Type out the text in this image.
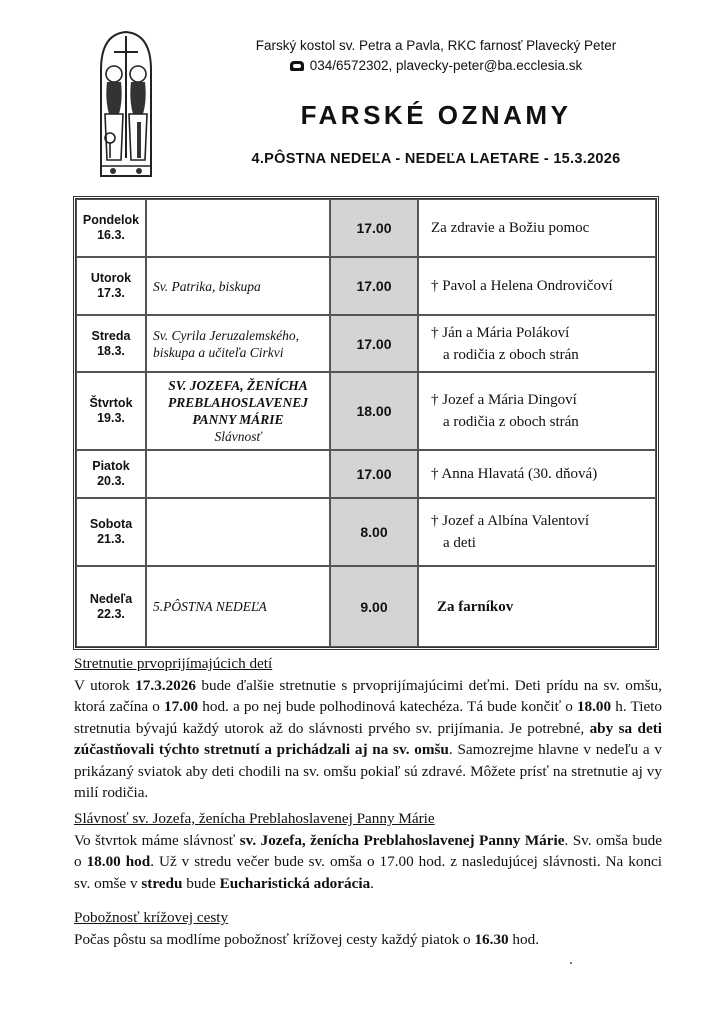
Farský kostol sv. Petra a Pavla, RKC farnosť Plavecký Peter
034/6572302, plavecky-peter@ba.ecclesia.sk
FARSKÉ OZNAMY
4.PÔSTNA NEDEĽA - NEDEĽA LAETARE - 15.3.2026
Pondelok
16.3.		17.00	Za zdravie a Božiu pomoc
Utorok
17.3.	Sv. Patrika, biskupa	17.00	† Pavol a Helena Ondrovičoví
Streda
18.3.	Sv. Cyrila Jeruzalemského,
biskupa a učiteľa Cirkvi	17.00	† Ján a Mária Polákoví
a rodičia z oboch strán
Štvrtok
19.3.	SV. JOZEFA, ŽENÍCHA
PREBLAHOSLAVENEJ
PANNY MÁRIE
Slávnosť	18.00	† Jozef a Mária Dingoví
a rodičia z oboch strán
Piatok
20.3.		17.00	† Anna Hlavatá (30. dňová)
Sobota
21.3.		8.00	† Jozef a Albína Valentoví
a deti
Nedeľa
22.3.	5.PÔSTNA NEDEĽA	9.00	Za farníkov
Stretnutie prvoprijímajúcich detí

V utorok 17.3.2026 bude ďalšie stretnutie s prvoprijímajúcimi deťmi. Deti prídu na sv. omšu, ktorá začína o 17.00 hod. a po nej bude polhodinová katechéza. Tá bude končiť o 18.00 h. Tieto stretnutia bývajú každý utorok až do slávnosti prvého sv. prijímania. Je potrebné, aby sa deti zúčastňovali týchto stretnutí a prichádzali aj na sv. omšu. Samozrejme hlavne v nedeľu a v prikázaný sviatok aby deti chodili na sv. omšu pokiaľ sú zdravé. Môžete prísť na stretnutie aj vy milí rodičia.

Slávnosť sv. Jozefa, ženícha Preblahoslavenej Panny Márie

Vo štvrtok máme slávnosť sv. Jozefa, ženícha Preblahoslavenej Panny Márie. Sv. omša bude o 18.00 hod. Už v stredu večer bude sv. omša o 17.00 hod. z nasledujúcej slávnosti. Na konci sv. omše v stredu bude Eucharistická adorácia.

Pobožnosť krížovej cesty

Počas pôstu sa modlíme pobožnosť krížovej cesty každý piatok o 16.30 hod.
